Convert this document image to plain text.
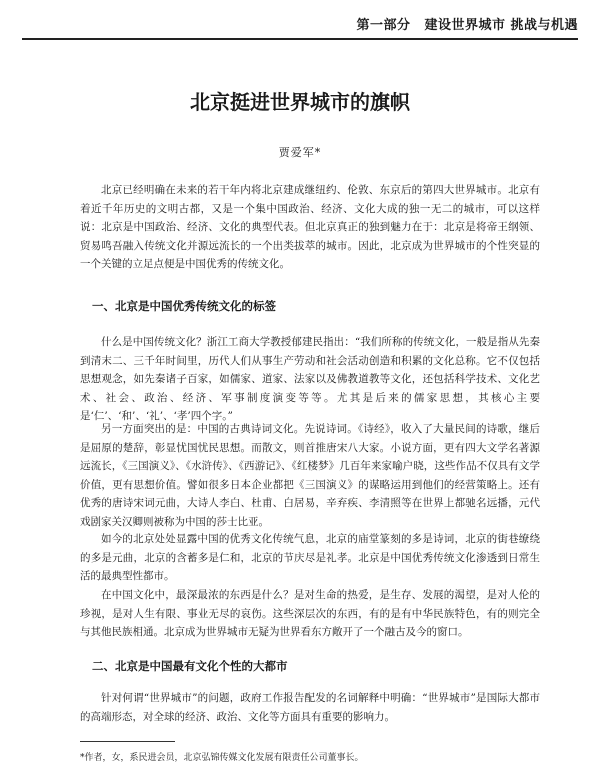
第一部分 建设世界城市 挑战与机遇
北京挺进世界城市的旗帜
贾爱军*

北京已经明确在未来的若干年内将北京建成继纽约、伦敦、东京后的第四大世界城市。北京有着近千年历史的文明古都，又是一个集中国政治、经济、文化大成的独一无二的城市，可以这样说：北京是中国政治、经济、文化的典型代表。但北京真正的独到魅力在于：北京是将帝王纲领、贸易鸣吾融入传统文化并源远流长的一个出类拔萃的城市。因此，北京成为世界城市的个性突显的一个关键的立足点便是中国优秀的传统文化。

一、北京是中国优秀传统文化的标签

什么是中国传统文化？浙江工商大学教授郁建民指出：“我们所称的传统文化，一般是指从先秦到清末二、三千年时间里，历代人们从事生产劳动和社会活动创造和积累的文化总称。它不仅包括思想观念，如先秦诸子百家，如儒家、道家、法家以及佛教道教等文化，还包括科学技术、文化艺术、社会、政治、经济、军事制度演变等等。尤其是后来的儒家思想，其核心主要是‘仁’、‘和’、‘礼’、‘孝’四个字。”

另一方面突出的是：中国的古典诗词文化。先说诗词。《诗经》，收入了大量民间的诗歌，继后是屈原的楚辞，彰显忧国忧民思想。而散文，则首推唐宋八大家。小说方面，更有四大文学名著源远流长，《三国演义》、《水浒传》、《西游记》、《红楼梦》几百年来家喻户晓，这些作品不仅具有文学价值，更有思想价值。譬如很多日本企业都把《三国演义》的谋略运用到他们的经营策略上。还有优秀的唐诗宋词元曲，大诗人李白、杜甫、白居易，辛弃疾、李清照等在世界上都驰名远播，元代戏剧家关汉卿则被称为中国的莎士比亚。

如今的北京处处显露中国的优秀文化传统气息，北京的庙堂篆刻的多是诗词，北京的街巷缭绕的多是元曲，北京的含蓄多是仁和，北京的节庆尽是礼孝。北京是中国优秀传统文化渗透到日常生活的最典型性都市。

在中国文化中，最深最浓的东西是什么？是对生命的热爱，是生存、发展的渴望，是对人伦的珍视，是对人生有限、事业无尽的哀伤。这些深层次的东西，有的是有中华民族特色，有的则完全与其他民族相通。北京成为世界城市无疑为世界看东方敞开了一个融古及今的窗口。

二、北京是中国最有文化个性的大都市

针对何谓“世界城市”的问题，政府工作报告配发的名词解释中明确：“世界城市”是国际大都市的高端形态，对全球的经济、政治、文化等方面具有重要的影响力。

*作者，女，系民进会员，北京弘锦传媒文化发展有限责任公司董事长。
